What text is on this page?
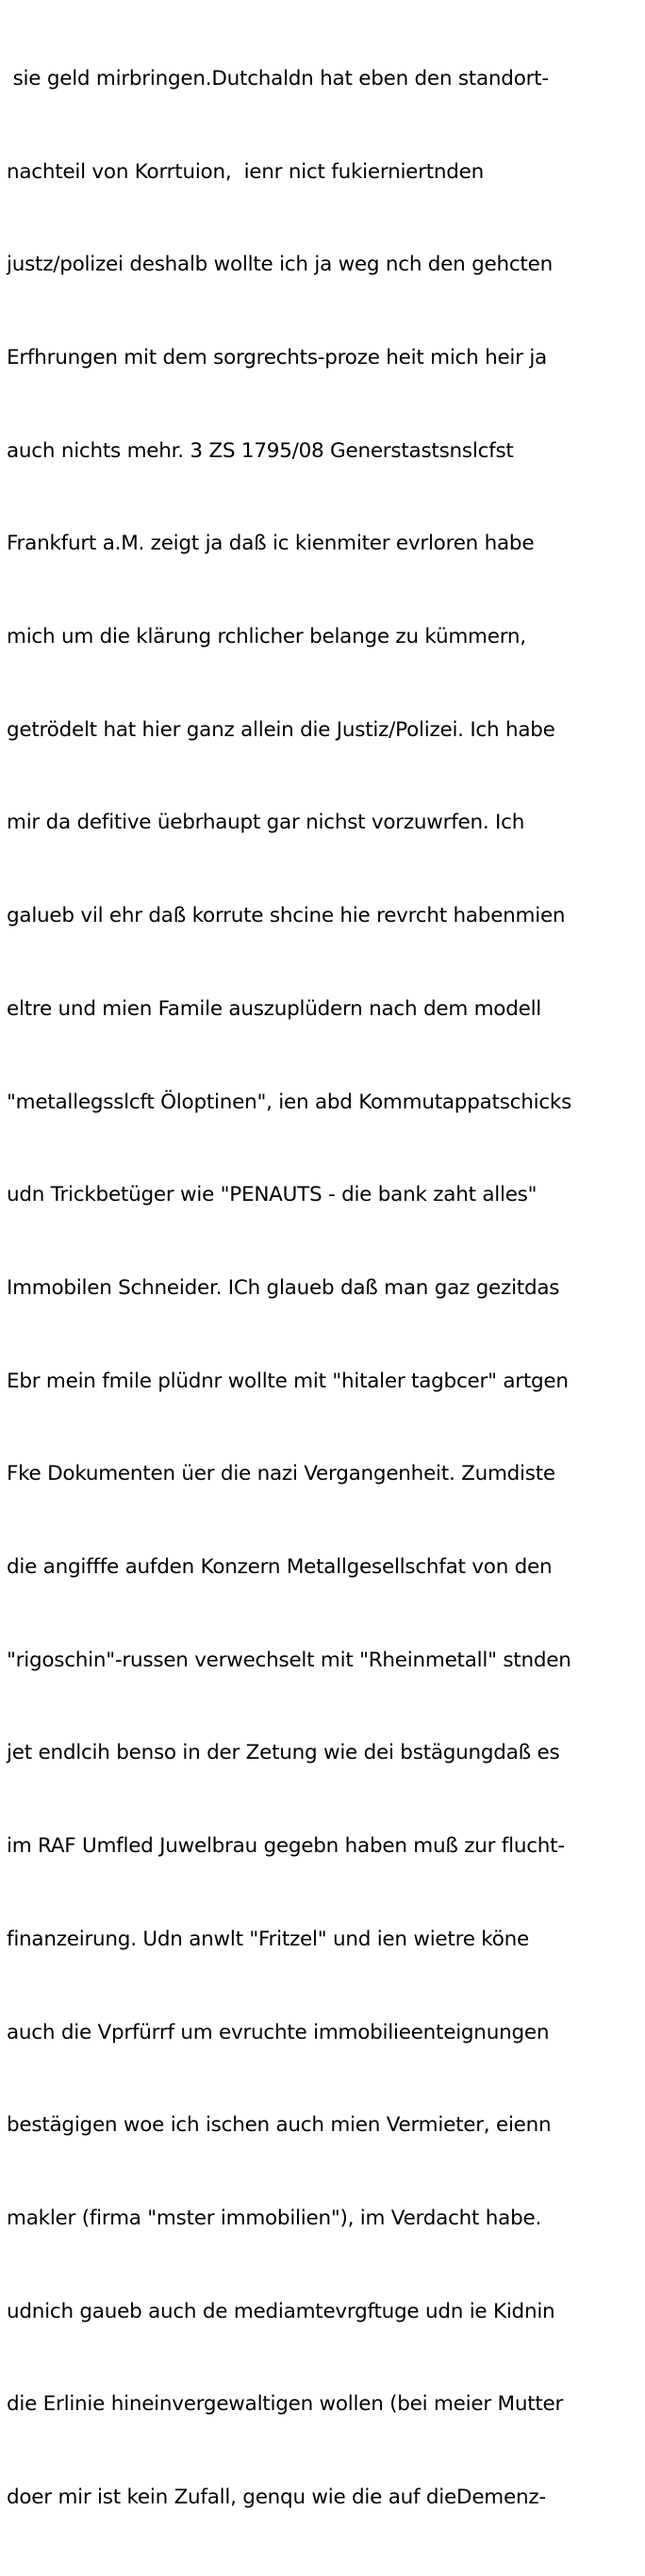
sie geld mirbringen.Dutchaldn hat eben den standort-

nachteil von Korrtuion,  ienr nict fukierniertnden

justz/polizei deshalb wollte ich ja weg nch den gehcten

Erfhrungen mit dem sorgrechts-proze heit mich heir ja

auch nichts mehr. 3 ZS 1795/08 Generstastsnslcfst

Frankfurt a.M. zeigt ja daß ic kienmiter evrloren habe

mich um die klärung rchlicher belange zu kümmern,

getrödelt hat hier ganz allein die Justiz/Polizei. Ich habe

mir da defitive üebrhaupt gar nichst vorzuwrfen. Ich

galueb vil ehr daß korrute shcine hie revrcht habenmien

eltre und mien Famile auszuplüdern nach dem modell

"metallegsslcft Öloptinen", ien abd Kommutappatschicks

udn Trickbetüger wie "PENAUTS - die bank zaht alles"

Immobilen Schneider. ICh glaueb daß man gaz gezitdas

Ebr mein fmile plüdnr wollte mit "hitaler tagbcer" artgen

Fke Dokumenten üer die nazi Vergangenheit. Zumdiste

die angifffe aufden Konzern Metallgesellschfat von den

"rigoschin"-russen verwechselt mit "Rheinmetall" stnden

jet endlcih benso in der Zetung wie dei bstägungdaß es

im RAF Umfled Juwelbrau gegebn haben muß zur flucht-

finanzeirung. Udn anwlt "Fritzel" und ien wietre köne

auch die Vprfürrf um evruchte immobilieenteignungen

bestägigen woe ich ischen auch mien Vermieter, eienn

makler (firma "mster immobilien"), im Verdacht habe.

udnich gaueb auch de mediamtevrgftuge udn ie Kidnin

die Erlinie hineinvergewaltigen wollen (bei meier Mutter

doer mir ist kein Zufall, genqu wie die auf dieDemenz-
